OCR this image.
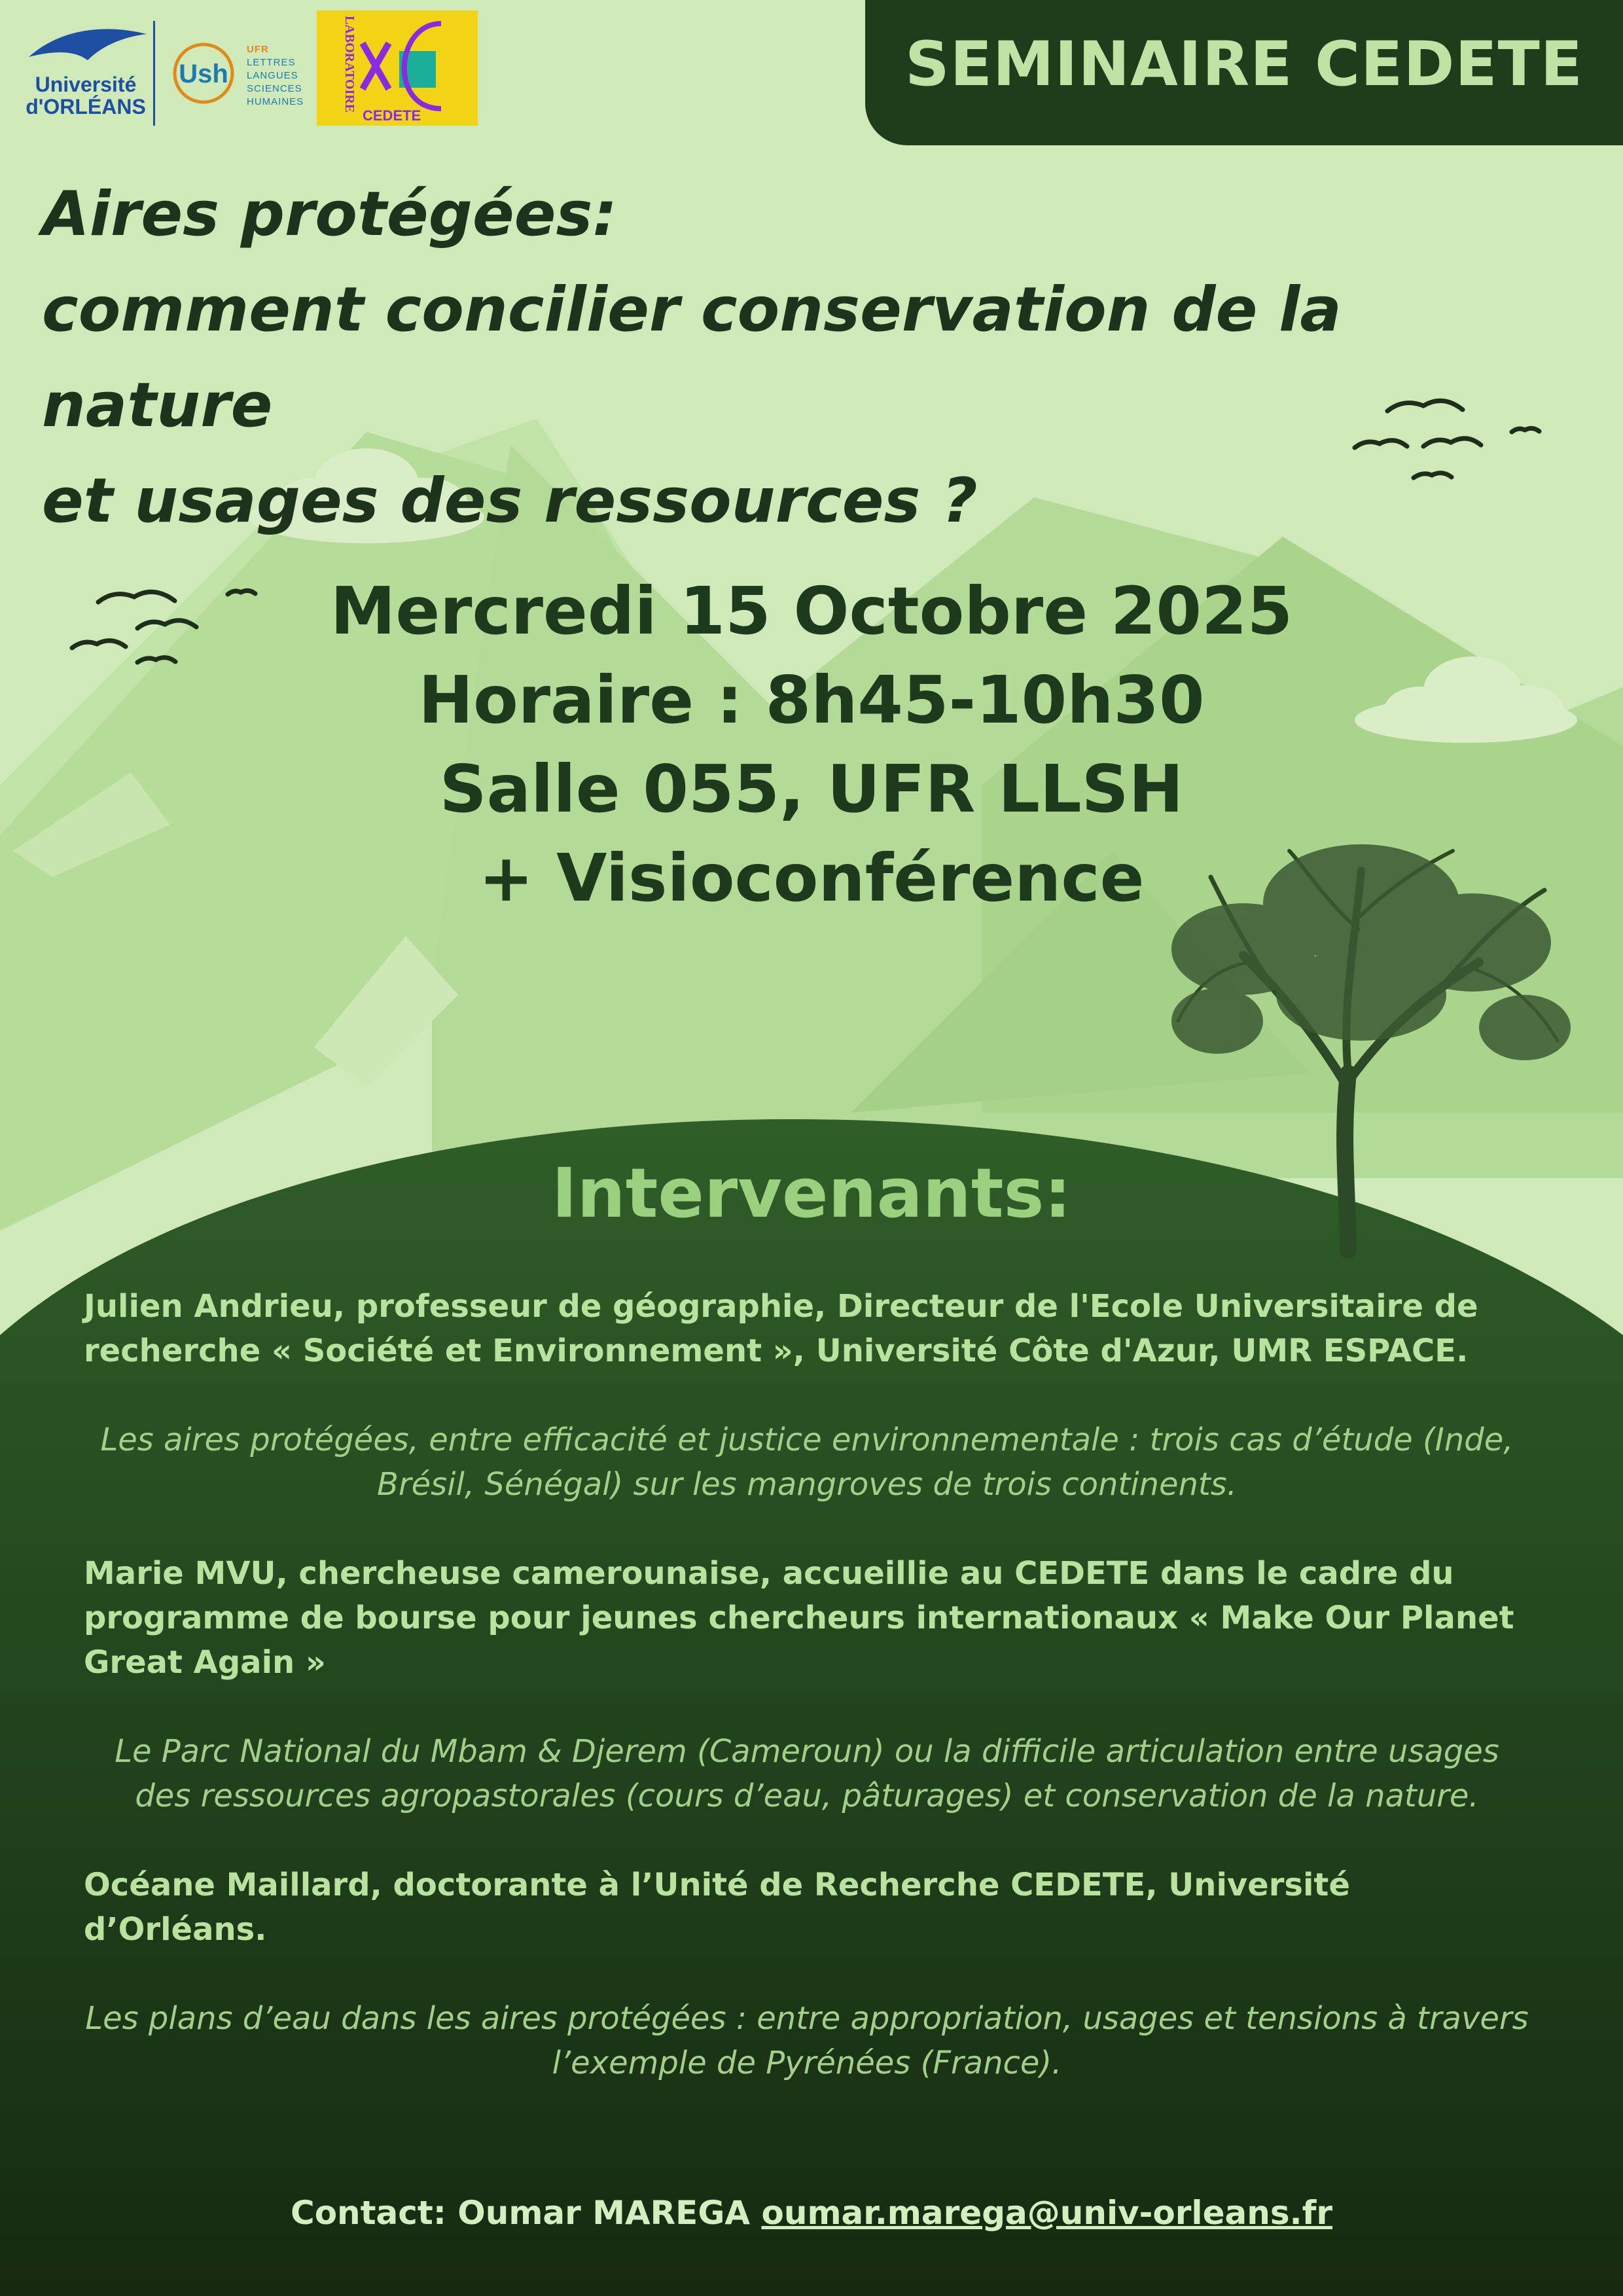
Université
d'ORLÉANS
Ush
UFR
LETTRES
LANGUES
SCIENCES
HUMAINES	LABORATOIRE
CEDETE
SEMINAIRE CEDETE
Aires protégées:
comment concilier conservation de la nature
et usages des ressources ?
Mercredi 15 Octobre 2025
Horaire : 8h45-10h30
Salle 055, UFR LLSH
+ Visioconférence
Intervenants:

Julien Andrieu, professeur de géographie, Directeur de l'Ecole Universitaire de recherche « Société et Environnement », Université Côte d'Azur, UMR ESPACE.

Les aires protégées, entre efficacité et justice environnementale : trois cas d’étude (Inde, Brésil, Sénégal) sur les mangroves de trois continents.

Marie MVU, chercheuse camerounaise, accueillie au CEDETE dans le cadre du programme de bourse pour jeunes chercheurs internationaux « Make Our Planet Great Again »

Le Parc National du Mbam & Djerem (Cameroun) ou la difficile articulation entre usages des ressources agropastorales (cours d’eau, pâturages) et conservation de la nature.

Océane Maillard, doctorante à l’Unité de Recherche CEDETE, Université d’Orléans.

Les plans d’eau dans les aires protégées : entre appropriation, usages et tensions à travers l’exemple de Pyrénées (France).

Contact: Oumar MAREGA oumar.marega@univ-orleans.fr
